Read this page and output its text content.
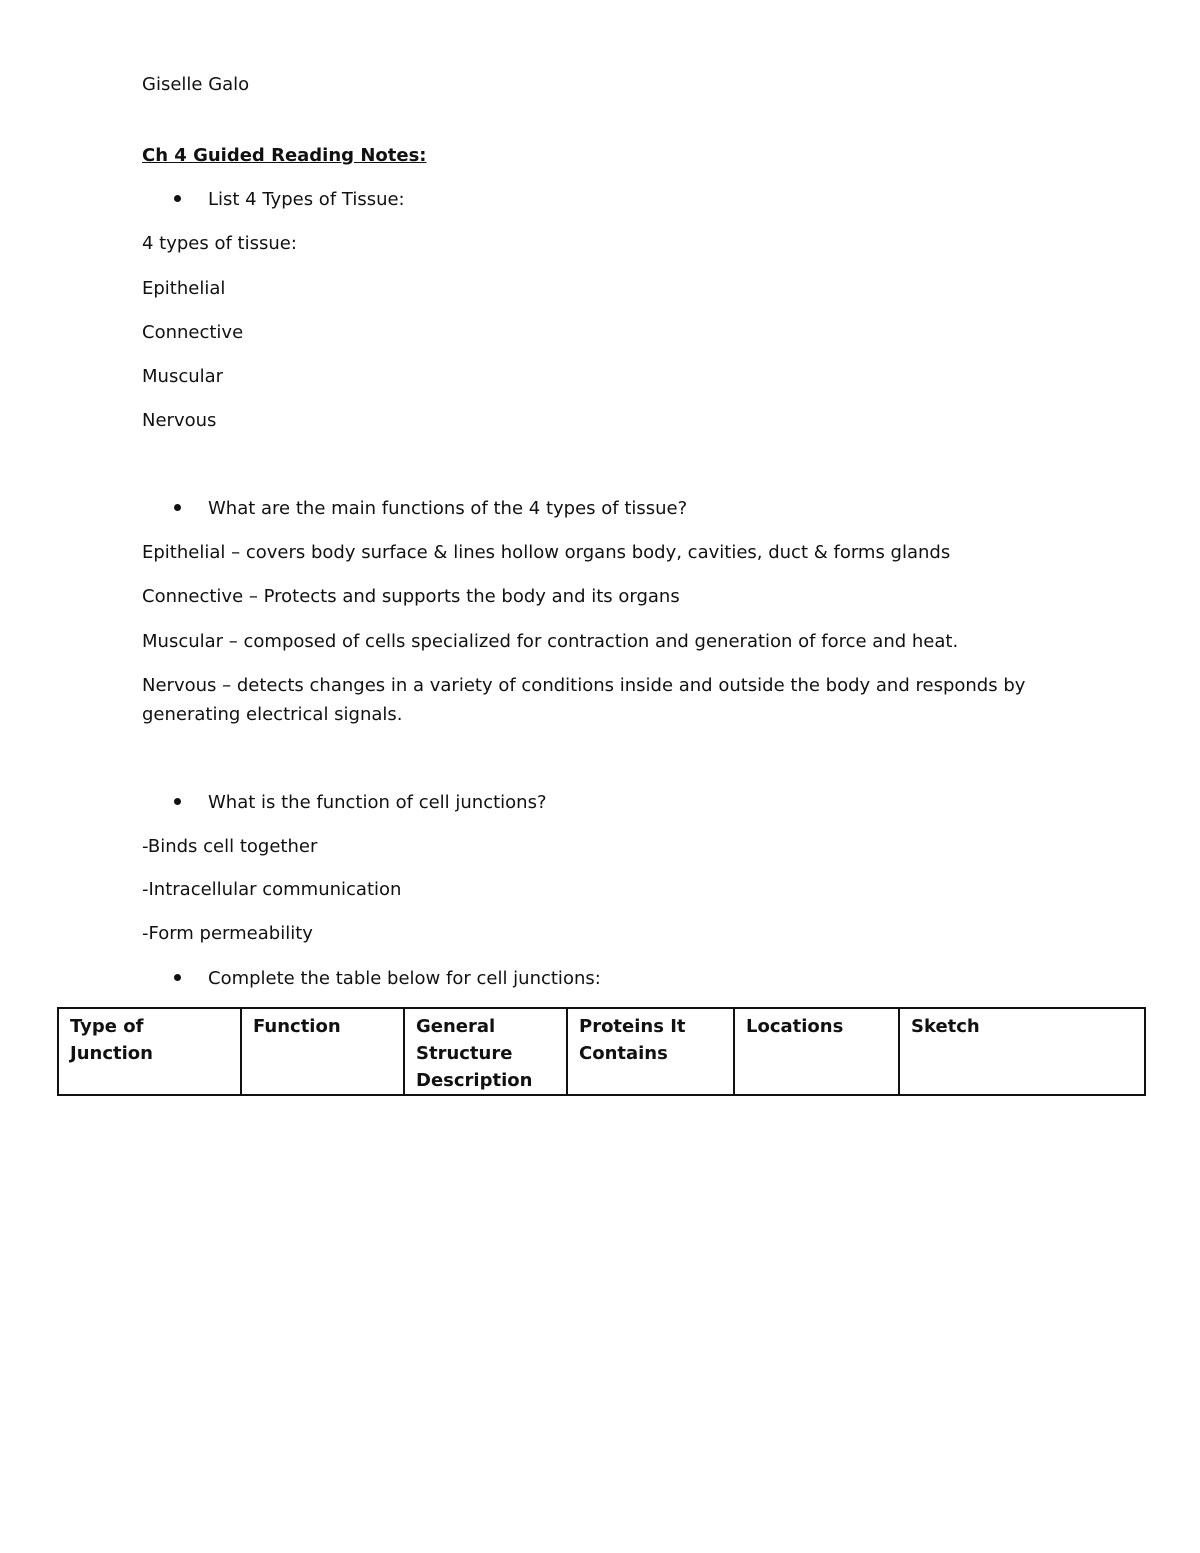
Giselle Galo

Ch 4 Guided Reading Notes:

List 4 Types of Tissue:

4 types of tissue:

Epithelial

Connective

Muscular

Nervous

What are the main functions of the 4 types of tissue?

Epithelial – covers body surface & lines hollow organs body, cavities, duct & forms glands

Connective – Protects and supports the body and its organs

Muscular – composed of cells specialized for contraction and generation of force and heat.

Nervous – detects changes in a variety of conditions inside and outside the body and responds by generating electrical signals.

What is the function of cell junctions?

-Binds cell together

-Intracellular communication

-Form permeability

Complete the table below for cell junctions:

Type of Junction	Function	General Structure Description	Proteins It Contains	Locations	Sketch
